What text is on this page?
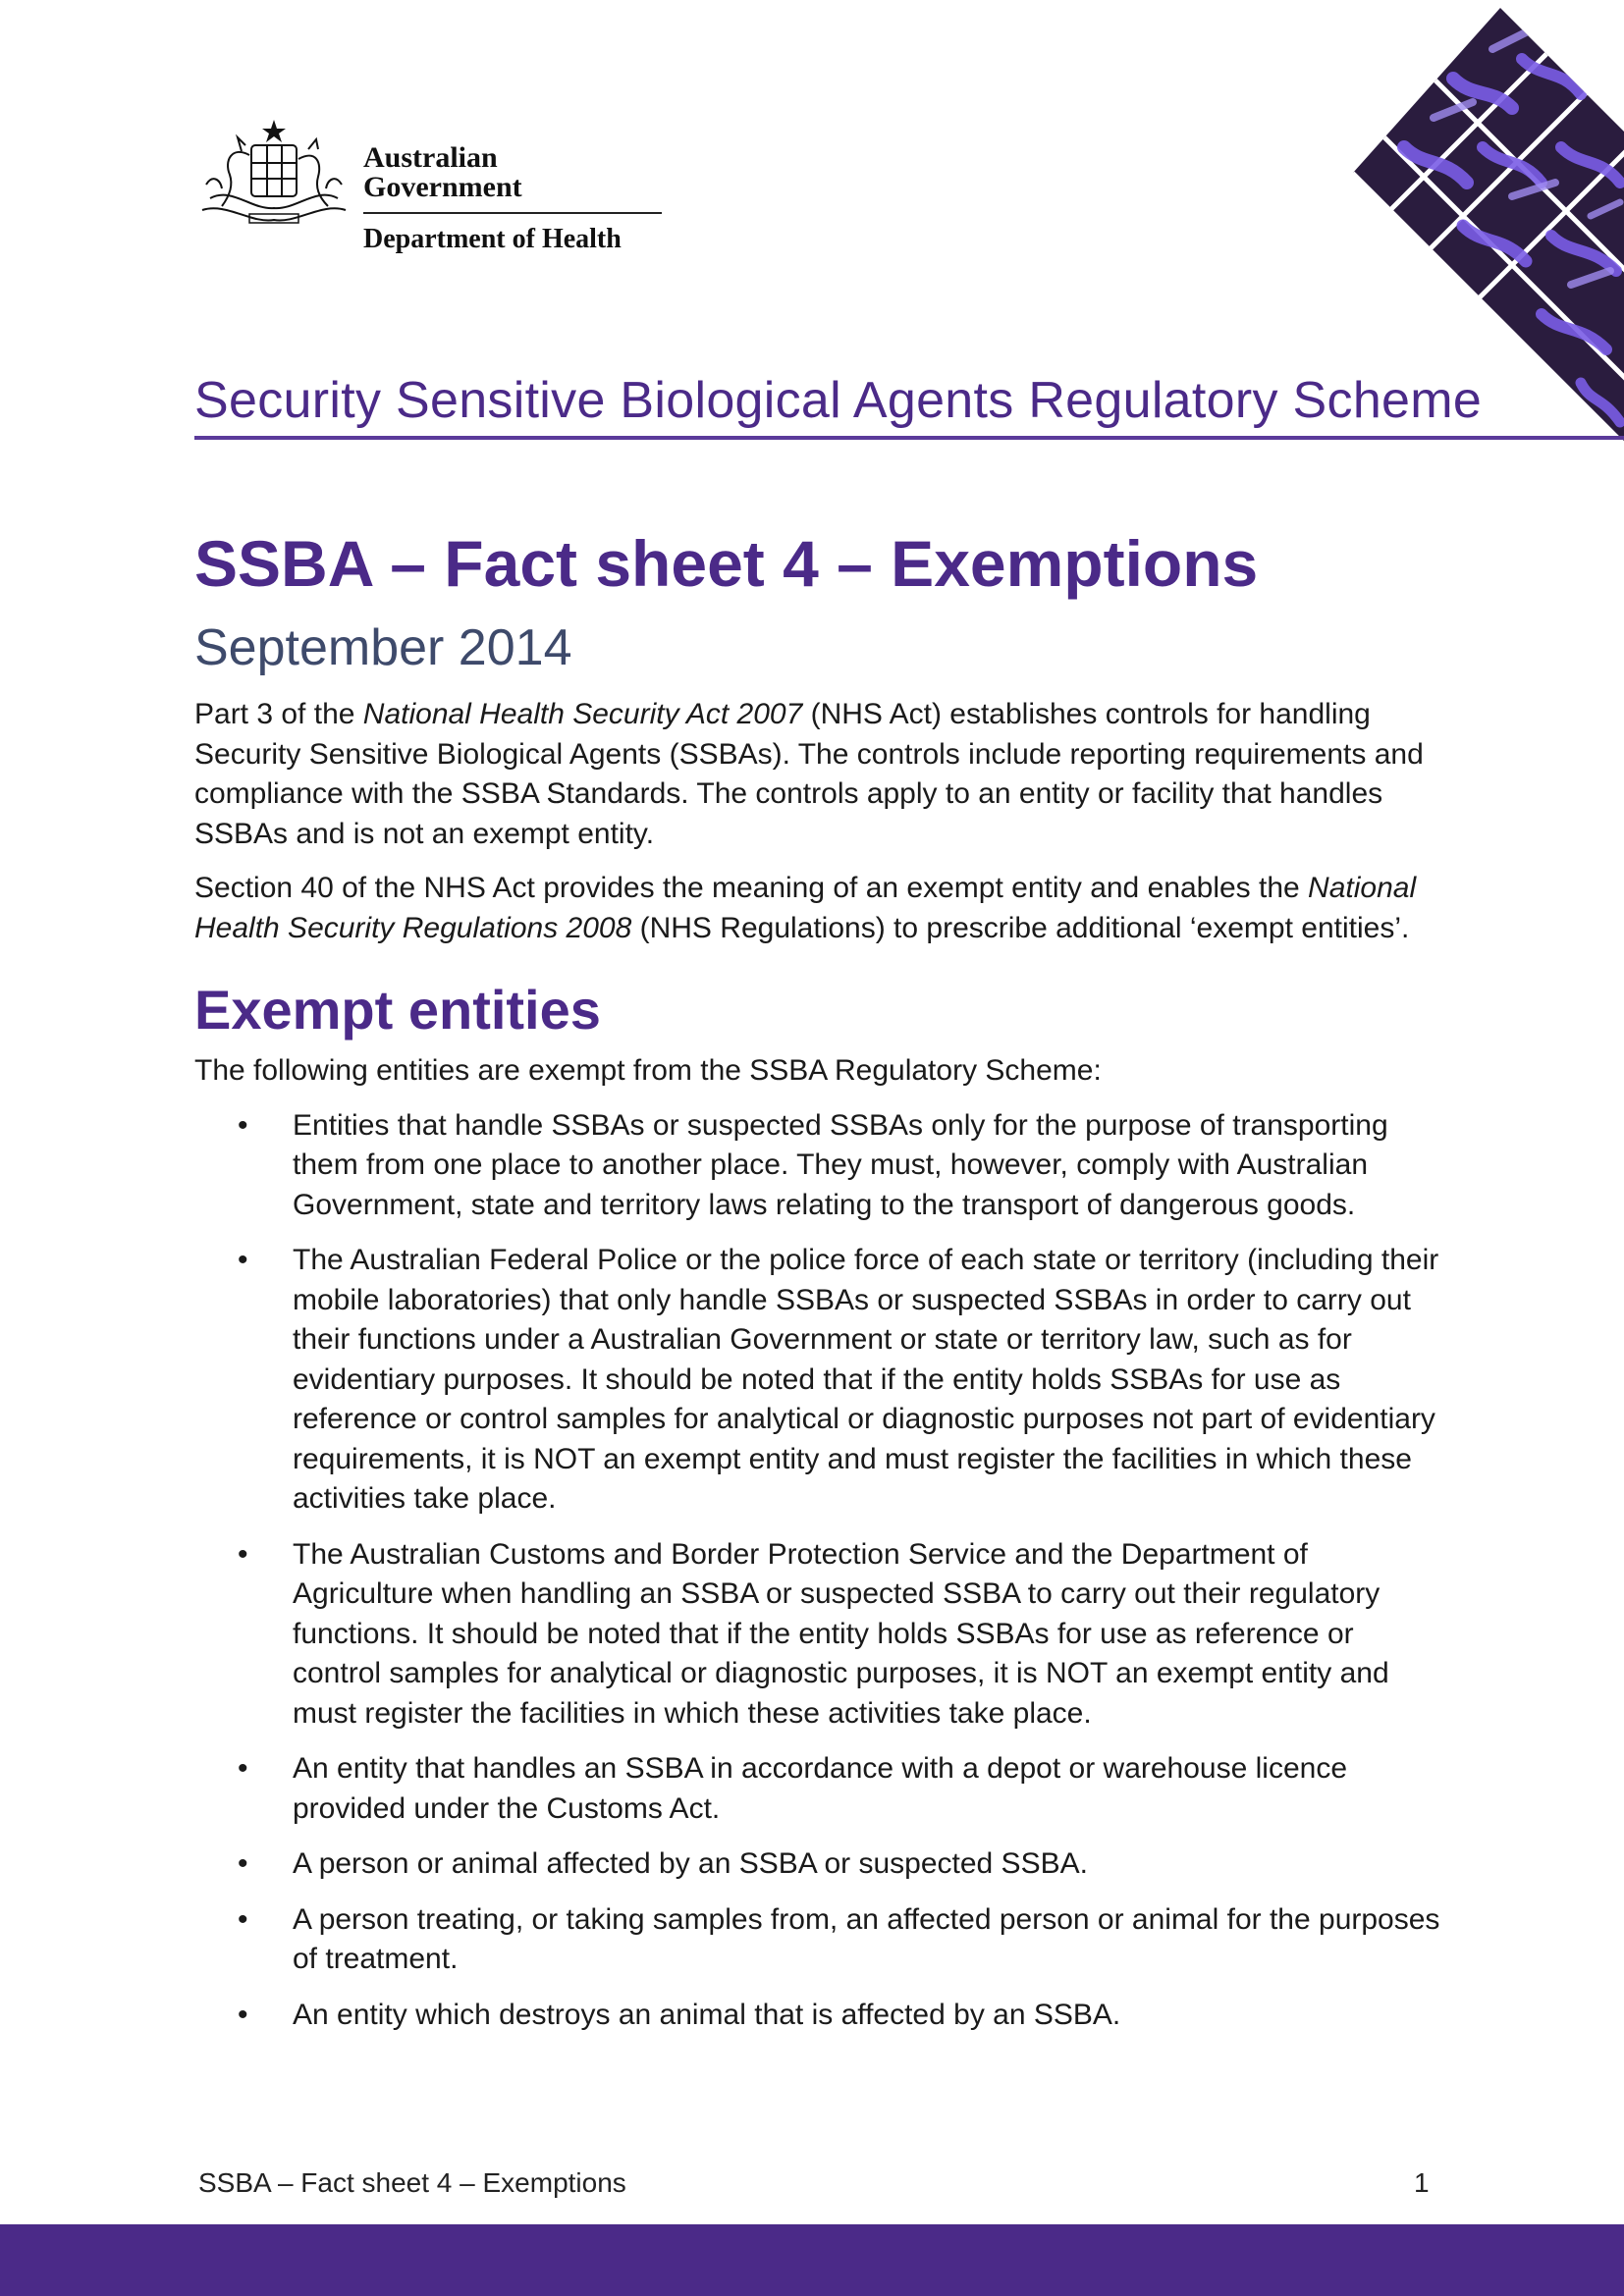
Australian Government
Department of Health
Security Sensitive Biological Agents Regulatory Scheme
SSBA – Fact sheet 4 – Exemptions
September 2014

Part 3 of the National Health Security Act 2007 (NHS Act) establishes controls for handling Security Sensitive Biological Agents (SSBAs). The controls include reporting requirements and compliance with the SSBA Standards. The controls apply to an entity or facility that handles SSBAs and is not an exempt entity.

Section 40 of the NHS Act provides the meaning of an exempt entity and enables the National Health Security Regulations 2008 (NHS Regulations) to prescribe additional ‘exempt entities’.

Exempt entities

The following entities are exempt from the SSBA Regulatory Scheme:

• Entities that handle SSBAs or suspected SSBAs only for the purpose of transporting them from one place to another place. They must, however, comply with Australian Government, state and territory laws relating to the transport of dangerous goods.
• The Australian Federal Police or the police force of each state or territory (including their mobile laboratories) that only handle SSBAs or suspected SSBAs in order to carry out their functions under a Australian Government or state or territory law, such as for evidentiary purposes. It should be noted that if the entity holds SSBAs for use as reference or control samples for analytical or diagnostic purposes not part of evidentiary requirements, it is NOT an exempt entity and must register the facilities in which these activities take place.
• The Australian Customs and Border Protection Service and the Department of Agriculture when handling an SSBA or suspected SSBA to carry out their regulatory functions. It should be noted that if the entity holds SSBAs for use as reference or control samples for analytical or diagnostic purposes, it is NOT an exempt entity and must register the facilities in which these activities take place.
• An entity that handles an SSBA in accordance with a depot or warehouse licence provided under the Customs Act.
• A person or animal affected by an SSBA or suspected SSBA.
• A person treating, or taking samples from, an affected person or animal for the purposes of treatment.
• An entity which destroys an animal that is affected by an SSBA.
SSBA – Fact sheet 4 – Exemptions	1
